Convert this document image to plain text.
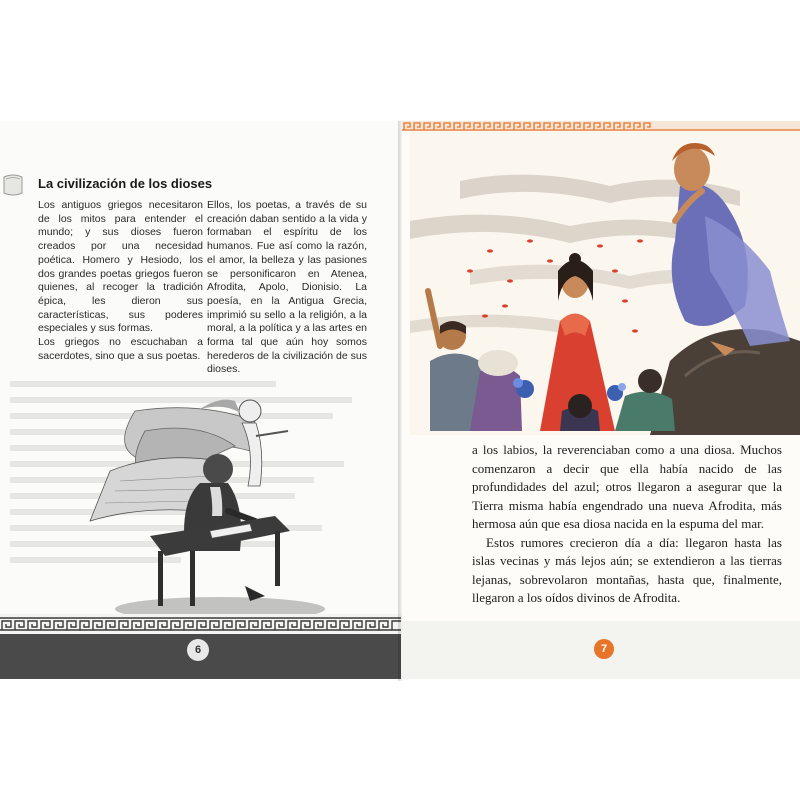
La civilización de los dioses

Los antiguos griegos necesitaron de los mitos para entender el mundo; y sus dioses fueron creados por una necesidad poética. Homero y Hesiodo, los dos grandes poetas griegos fueron quienes, al recoger la tradición épica, les dieron sus características, sus poderes especiales y sus formas.

Los griegos no escuchaban a sacerdotes, sino que a sus poetas.

Ellos, los poetas, a través de su creación daban sentido a la vida y formaban el espíritu de los humanos. Fue así como la razón, el amor, la belleza y las pasiones se personificaron en Atenea, Afrodita, Apolo, Dionisio. La poesía, en la Antigua Grecia, imprimió su sello a la religión, a la moral, a la política y a las artes en forma tal que aún hoy somos herederos de la civilización de sus dioses.

6

a los labios, la reverenciaban como a una diosa. Muchos comenzaron a decir que ella había nacido de las profundidades del azul; otros llegaron a asegurar que la Tierra misma había engendrado una nueva Afrodita, más hermosa aún que esa diosa nacida en la espuma del mar.

Estos rumores crecieron día a día: llegaron hasta las islas vecinas y más lejos aún; se extendieron a las tierras lejanas, sobrevolaron montañas, hasta que, finalmente, llegaron a los oídos divinos de Afrodita.

7
